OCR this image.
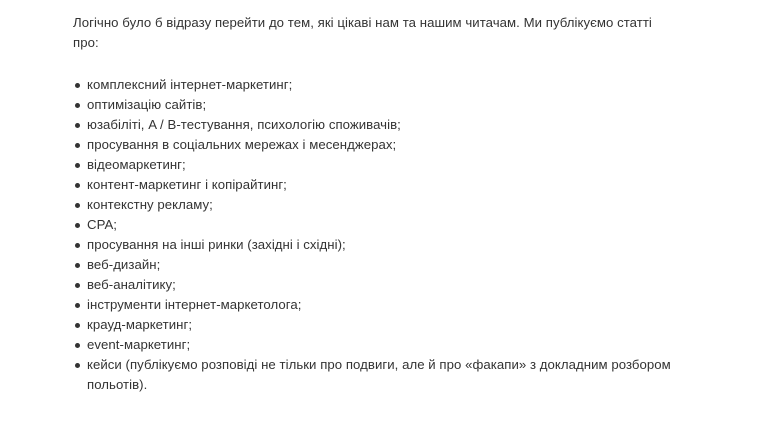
Логічно було б відразу перейти до тем, які цікаві нам та нашим читачам. Ми публікуємо статті про:

комплексний інтернет-маркетинг;
оптимізацію сайтів;
юзабіліті, A / B-тестування, психологію споживачів;
просування в соціальних мережах і месенджерах;
відеомаркетинг;
контент-маркетинг і копірайтинг;
контекстну рекламу;
CPA;
просування на інші ринки (західні і східні);
веб-дизайн;
веб-аналітику;
інструменти інтернет-маркетолога;
крауд-маркетинг;
event-маркетинг;
кейси (публікуємо розповіді не тільки про подвиги, але й про «факапи» з докладним розбором польотів).
